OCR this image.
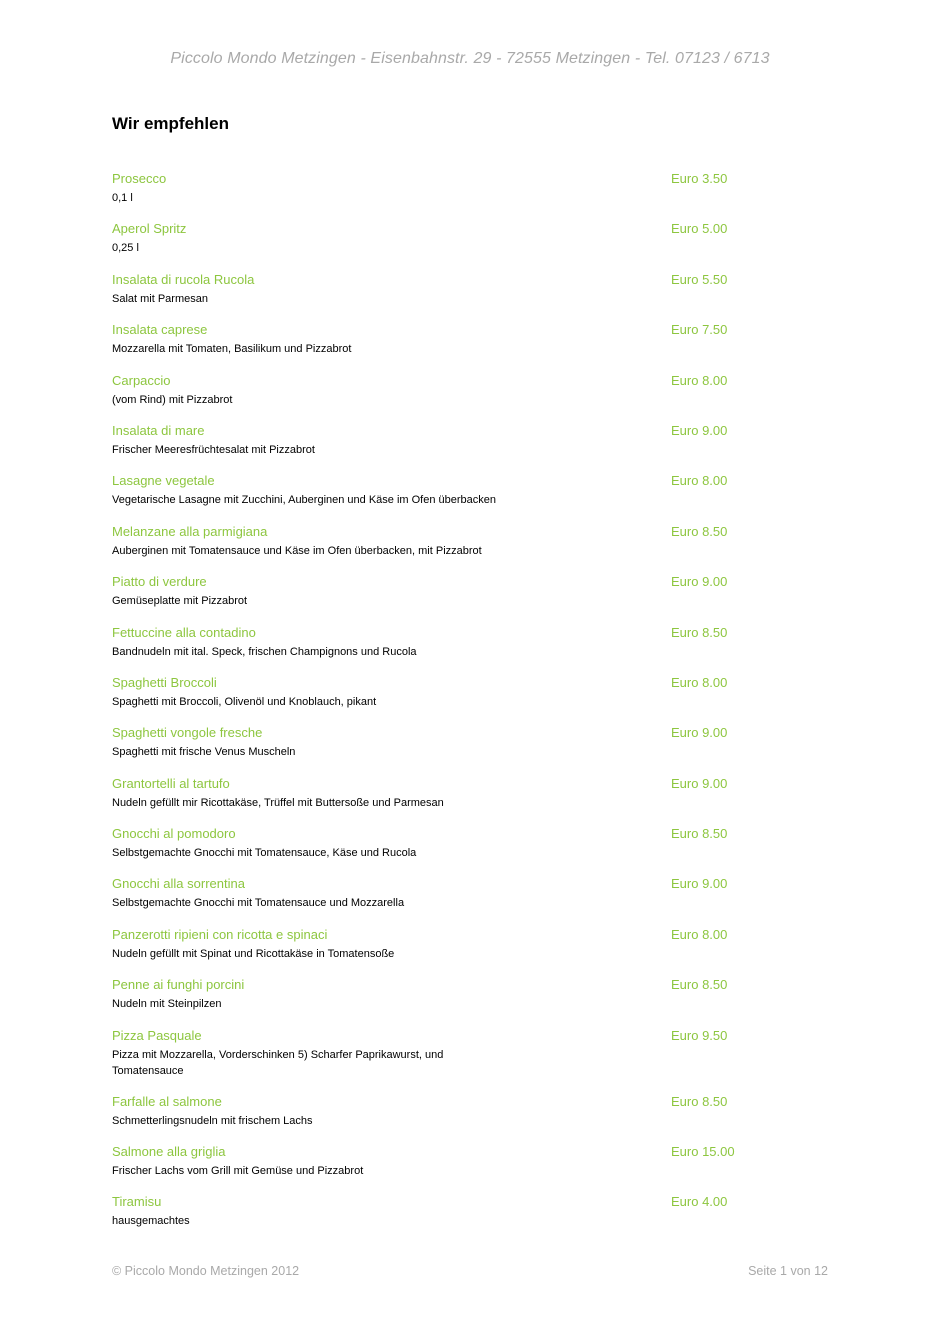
Piccolo Mondo Metzingen - Eisenbahnstr. 29 - 72555 Metzingen - Tel. 07123 / 6713
Wir empfehlen
Prosecco	Euro 3.50
0,1 l
Aperol Spritz	Euro 5.00
0,25 l
Insalata di rucola Rucola	Euro 5.50
Salat mit Parmesan
Insalata caprese	Euro 7.50
Mozzarella mit Tomaten, Basilikum und Pizzabrot
Carpaccio	Euro 8.00
(vom Rind) mit Pizzabrot
Insalata di mare	Euro 9.00
Frischer Meeresfrüchtesalat mit Pizzabrot
Lasagne vegetale	Euro 8.00
Vegetarische Lasagne mit Zucchini, Auberginen und Käse im Ofen überbacken
Melanzane alla parmigiana	Euro 8.50
Auberginen mit Tomatensauce und Käse im Ofen überbacken, mit Pizzabrot
Piatto di verdure	Euro 9.00
Gemüseplatte mit Pizzabrot
Fettuccine alla contadino	Euro 8.50
Bandnudeln mit ital. Speck, frischen Champignons und Rucola
Spaghetti Broccoli	Euro 8.00
Spaghetti mit Broccoli, Olivenöl und Knoblauch, pikant
Spaghetti vongole fresche	Euro 9.00
Spaghetti mit frische Venus Muscheln
Grantortelli al tartufo	Euro 9.00
Nudeln gefüllt mir Ricottakäse, Trüffel mit Buttersoße und Parmesan
Gnocchi al pomodoro	Euro 8.50
Selbstgemachte Gnocchi mit Tomatensauce, Käse und Rucola
Gnocchi alla sorrentina	Euro 9.00
Selbstgemachte Gnocchi mit Tomatensauce und Mozzarella
Panzerotti ripieni con ricotta e spinaci	Euro 8.00
Nudeln gefüllt mit Spinat und Ricottakäse in Tomatensoße
Penne ai funghi porcini	Euro 8.50
Nudeln mit Steinpilzen
Pizza Pasquale	Euro 9.50
Pizza mit Mozzarella, Vorderschinken 5) Scharfer Paprikawurst, und Tomatensauce
Farfalle al salmone	Euro 8.50
Schmetterlingsnudeln mit frischem Lachs
Salmone alla griglia	Euro 15.00
Frischer Lachs vom Grill mit Gemüse und Pizzabrot
Tiramisu	Euro 4.00
hausgemachtes
© Piccolo Mondo Metzingen 2012	Seite 1 von 12
